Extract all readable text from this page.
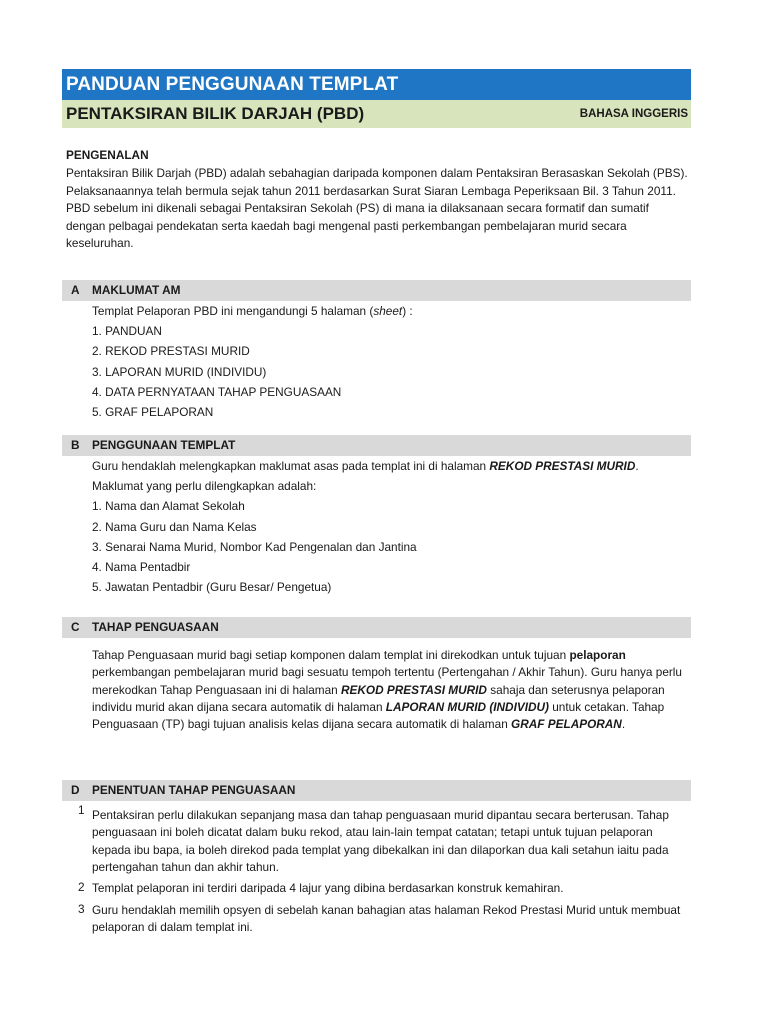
PANDUAN PENGGUNAAN TEMPLAT
PENTAKSIRAN BILIK DARJAH (PBD)	BAHASA INGGERIS
PENGENALAN
Pentaksiran Bilik Darjah (PBD) adalah sebahagian daripada komponen dalam Pentaksiran Berasaskan Sekolah (PBS). Pelaksanaannya telah bermula sejak tahun 2011 berdasarkan Surat Siaran Lembaga Peperiksaan Bil. 3 Tahun 2011. PBD sebelum ini dikenali sebagai Pentaksiran Sekolah (PS) di mana ia dilaksanaan secara formatif dan sumatif dengan pelbagai pendekatan serta kaedah bagi mengenal pasti perkembangan pembelajaran murid secara keseluruhan.
A MAKLUMAT AM
Templat Pelaporan PBD ini mengandungi 5 halaman (sheet) :
1. PANDUAN
2. REKOD PRESTASI MURID
3. LAPORAN MURID (INDIVIDU)
4. DATA PERNYATAAN TAHAP PENGUASAAN
5. GRAF PELAPORAN
B PENGGUNAAN TEMPLAT
Guru hendaklah melengkapkan maklumat asas pada templat ini di halaman REKOD PRESTASI MURID.
Maklumat yang perlu dilengkapkan adalah:
1. Nama dan Alamat Sekolah
2. Nama Guru dan Nama Kelas
3. Senarai Nama Murid, Nombor Kad Pengenalan dan Jantina
4. Nama Pentadbir
5. Jawatan Pentadbir (Guru Besar/ Pengetua)
C TAHAP PENGUASAAN
Tahap Penguasaan murid bagi setiap komponen dalam templat ini direkodkan untuk tujuan pelaporan perkembangan pembelajaran murid bagi sesuatu tempoh tertentu (Pertengahan / Akhir Tahun). Guru hanya perlu merekodkan Tahap Penguasaan ini di halaman REKOD PRESTASI MURID sahaja dan seterusnya pelaporan individu murid akan dijana secara automatik di halaman LAPORAN MURID (INDIVIDU) untuk cetakan. Tahap Penguasaan (TP) bagi tujuan analisis kelas dijana secara automatik di halaman GRAF PELAPORAN.
D PENENTUAN TAHAP PENGUASAAN
1 Pentaksiran perlu dilakukan sepanjang masa dan tahap penguasaan murid dipantau secara berterusan. Tahap penguasaan ini boleh dicatat dalam buku rekod, atau lain-lain tempat catatan; tetapi untuk tujuan pelaporan kepada ibu bapa, ia boleh direkod pada templat yang dibekalkan ini dan dilaporkan dua kali setahun iaitu pada pertengahan tahun dan akhir tahun.
2 Templat pelaporan ini terdiri daripada 4 lajur yang dibina berdasarkan konstruk kemahiran.
3 Guru hendaklah memilih opsyen di sebelah kanan bahagian atas halaman Rekod Prestasi Murid untuk membuat pelaporan di dalam templat ini.
